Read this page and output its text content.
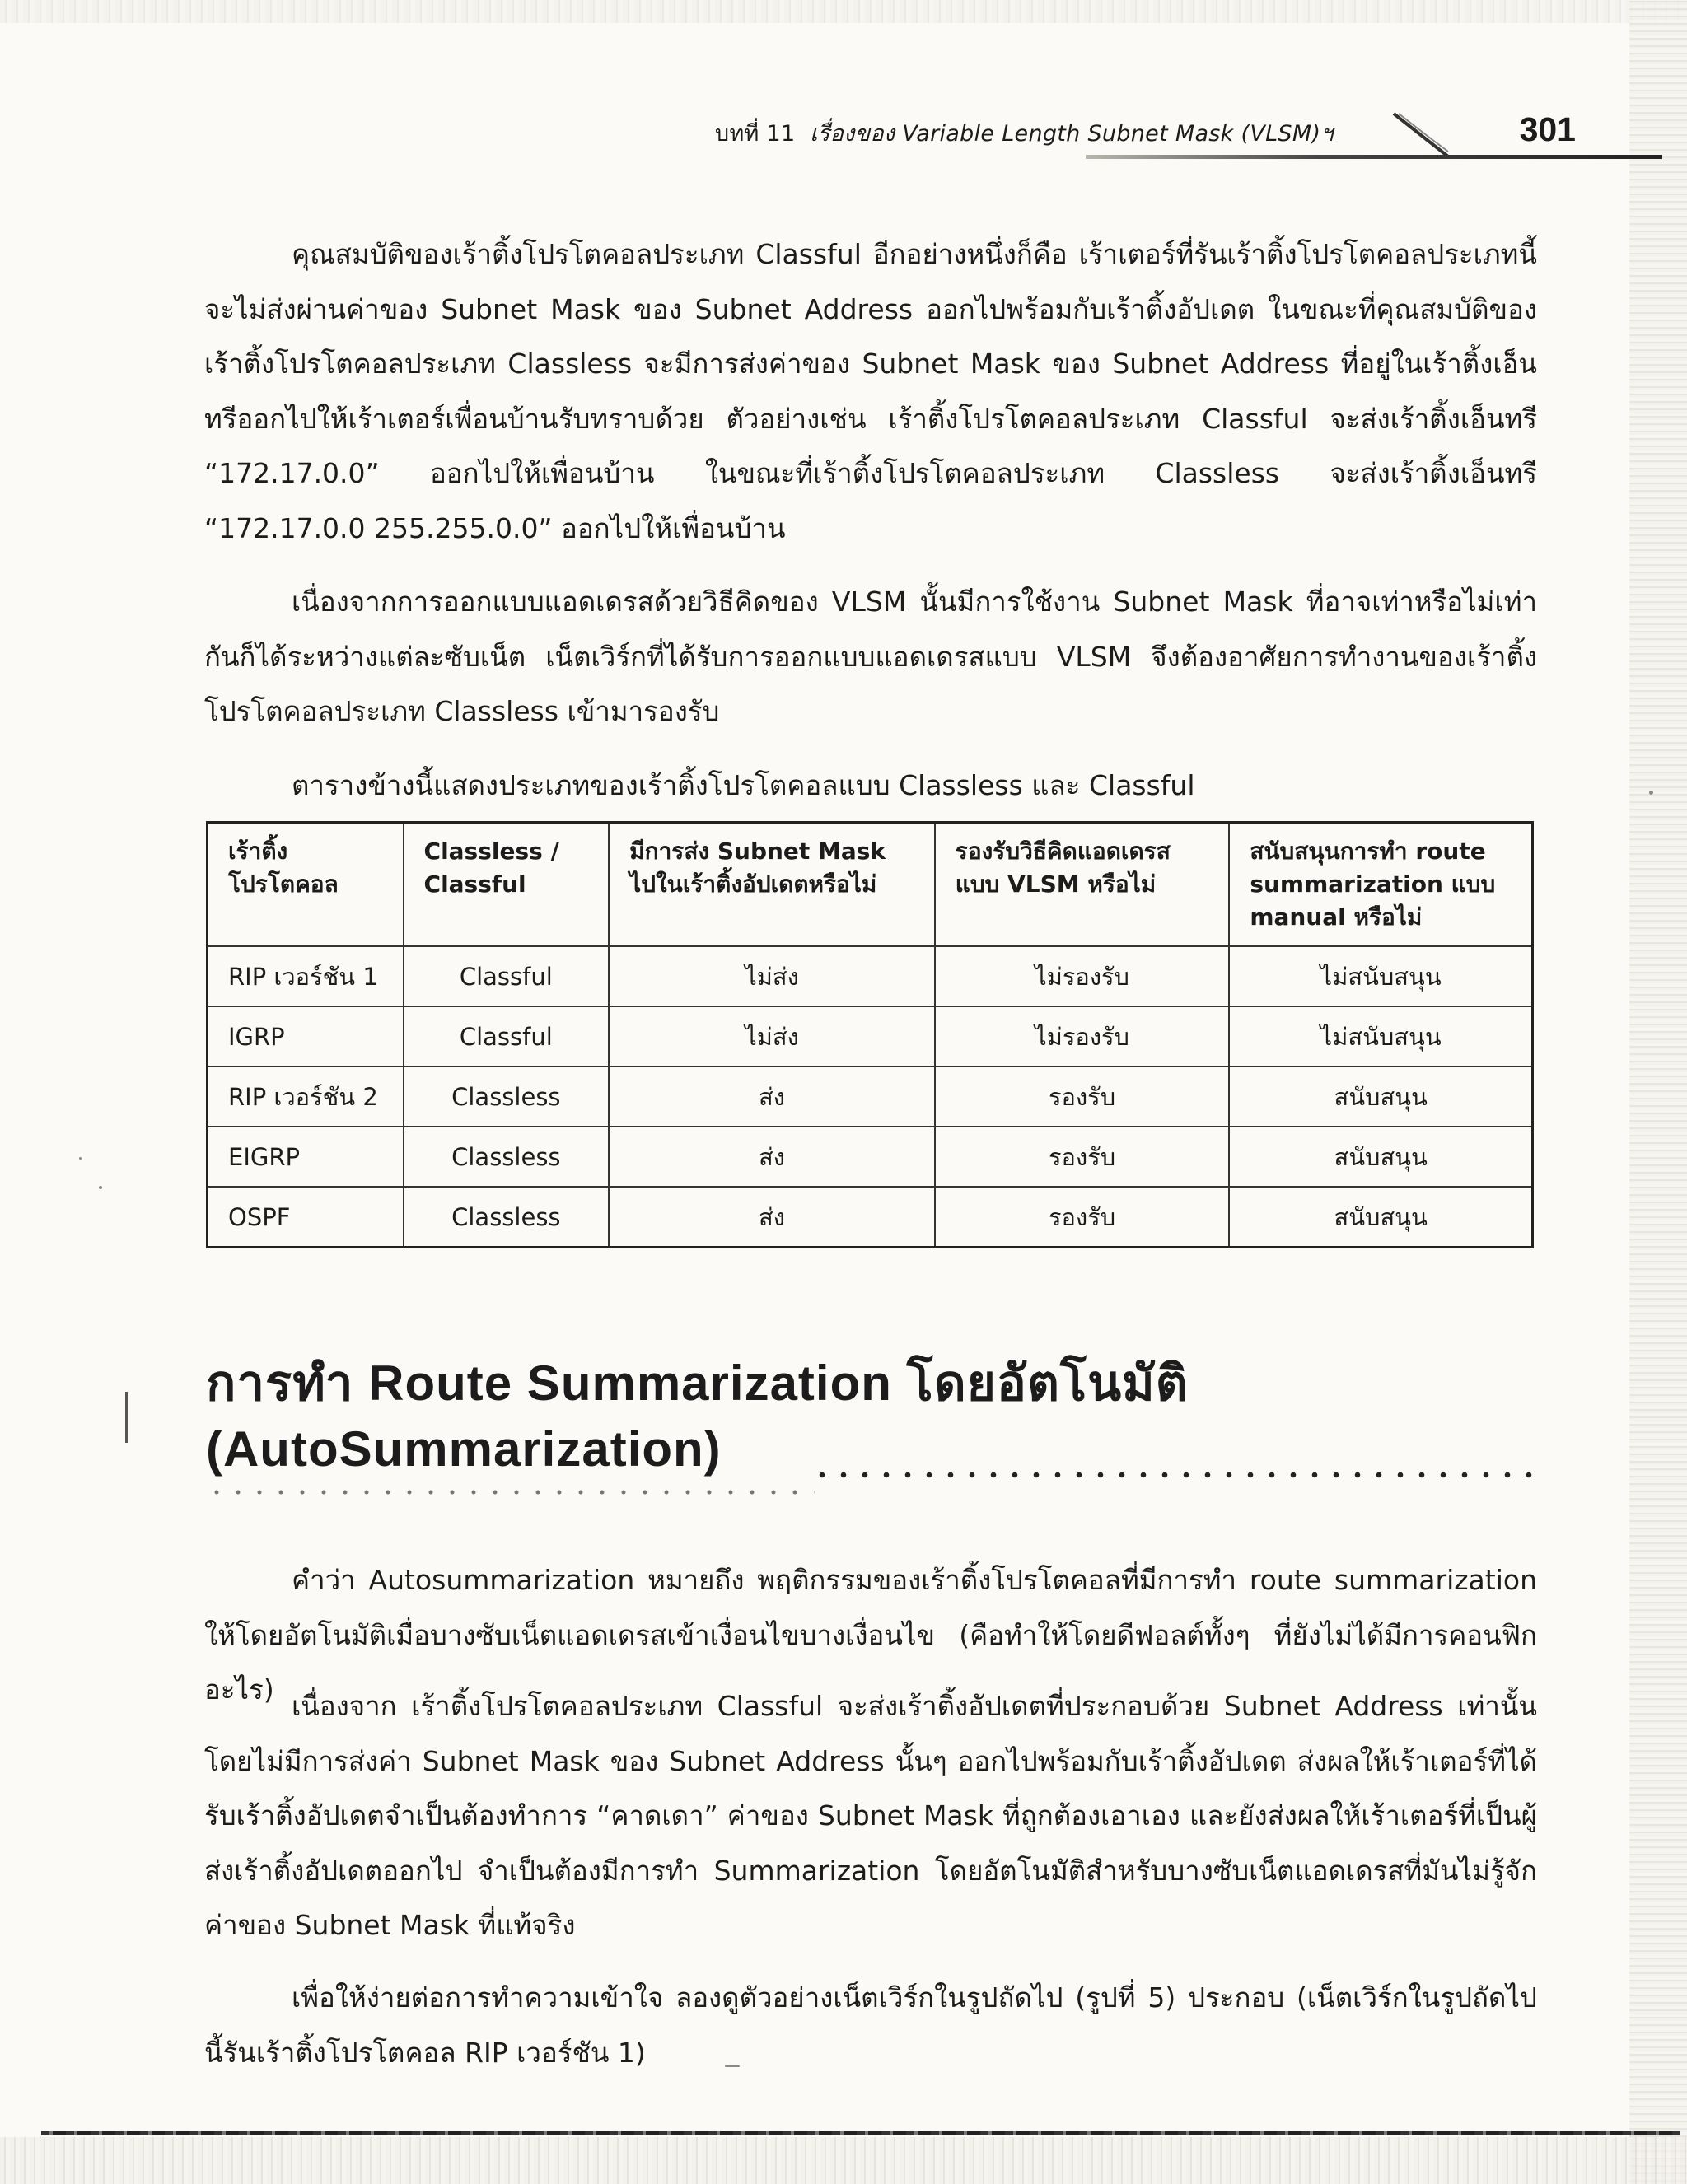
บทที่ 11 เรื่องของ Variable Length Subnet Mask (VLSM)ฯ	301

คุณสมบัติของเร้าติ้งโปรโตคอลประเภท Classful อีกอย่างหนึ่งก็คือ เร้าเตอร์ที่รันเร้าติ้งโปรโตคอลประเภทนี้จะไม่ส่งผ่านค่าของ Subnet Mask ของ Subnet Address ออกไปพร้อมกับเร้าติ้งอัปเดต ในขณะที่คุณสมบัติของเร้าติ้งโปรโตคอลประเภท Classless จะมีการส่งค่าของ Subnet Mask ของ Subnet Address ที่อยู่ในเร้าติ้งเอ็นทรีออกไปให้เร้าเตอร์เพื่อนบ้านรับทราบด้วย ตัวอย่างเช่น เร้าติ้งโปรโตคอลประเภท Classful จะส่งเร้าติ้งเอ็นทรี “172.17.0.0” ออกไปให้เพื่อนบ้าน ในขณะที่เร้าติ้งโปรโตคอลประเภท Classless จะส่งเร้าติ้งเอ็นทรี “172.17.0.0 255.255.0.0” ออกไปให้เพื่อนบ้าน

เนื่องจากการออกแบบแอดเดรสด้วยวิธีคิดของ VLSM นั้นมีการใช้งาน Subnet Mask ที่อาจเท่าหรือไม่เท่ากันก็ได้ระหว่างแต่ละซับเน็ต เน็ตเวิร์กที่ได้รับการออกแบบแอดเดรสแบบ VLSM จึงต้องอาศัยการทำงานของเร้าติ้งโปรโตคอลประเภท Classless เข้ามารองรับ

ตารางข้างนี้แสดงประเภทของเร้าติ้งโปรโตคอลแบบ Classless และ Classful

เร้าติ้งโปรโตคอล	Classless / Classful	มีการส่ง Subnet Mask ไปในเร้าติ้งอัปเดตหรือไม่	รองรับวิธีคิดแอดเดรส แบบ VLSM หรือไม่	สนับสนุนการทำ route summarization แบบ manual หรือไม่
RIP เวอร์ชัน 1	Classful	ไม่ส่ง	ไม่รองรับ	ไม่สนับสนุน
IGRP	Classful	ไม่ส่ง	ไม่รองรับ	ไม่สนับสนุน
RIP เวอร์ชัน 2	Classless	ส่ง	รองรับ	สนับสนุน
EIGRP	Classless	ส่ง	รองรับ	สนับสนุน
OSPF	Classless	ส่ง	รองรับ	สนับสนุน
การทำ Route Summarization โดยอัตโนมัติ
(AutoSummarization)

คำว่า Autosummarization หมายถึง พฤติกรรมของเร้าติ้งโปรโตคอลที่มีการทำ route summarization ให้โดยอัตโนมัติเมื่อบางซับเน็ตแอดเดรสเข้าเงื่อนไขบางเงื่อนไข (คือทำให้โดยดีฟอลต์ทั้งๆ ที่ยังไม่ได้มีการคอนฟิกอะไร)

เนื่องจาก เร้าติ้งโปรโตคอลประเภท Classful จะส่งเร้าติ้งอัปเดตที่ประกอบด้วย Subnet Address เท่านั้นโดยไม่มีการส่งค่า Subnet Mask ของ Subnet Address นั้นๆ ออกไปพร้อมกับเร้าติ้งอัปเดต ส่งผลให้เร้าเตอร์ที่ได้รับเร้าติ้งอัปเดตจำเป็นต้องทำการ “คาดเดา” ค่าของ Subnet Mask ที่ถูกต้องเอาเอง และยังส่งผลให้เร้าเตอร์ที่เป็นผู้ส่งเร้าติ้งอัปเดตออกไป จำเป็นต้องมีการทำ Summarization โดยอัตโนมัติสำหรับบางซับเน็ตแอดเดรสที่มันไม่รู้จักค่าของ Subnet Mask ที่แท้จริง

เพื่อให้ง่ายต่อการทำความเข้าใจ ลองดูตัวอย่างเน็ตเวิร์กในรูปถัดไป (รูปที่ 5) ประกอบ (เน็ตเวิร์กในรูปถัดไปนี้รันเร้าติ้งโปรโตคอล RIP เวอร์ชัน 1)
